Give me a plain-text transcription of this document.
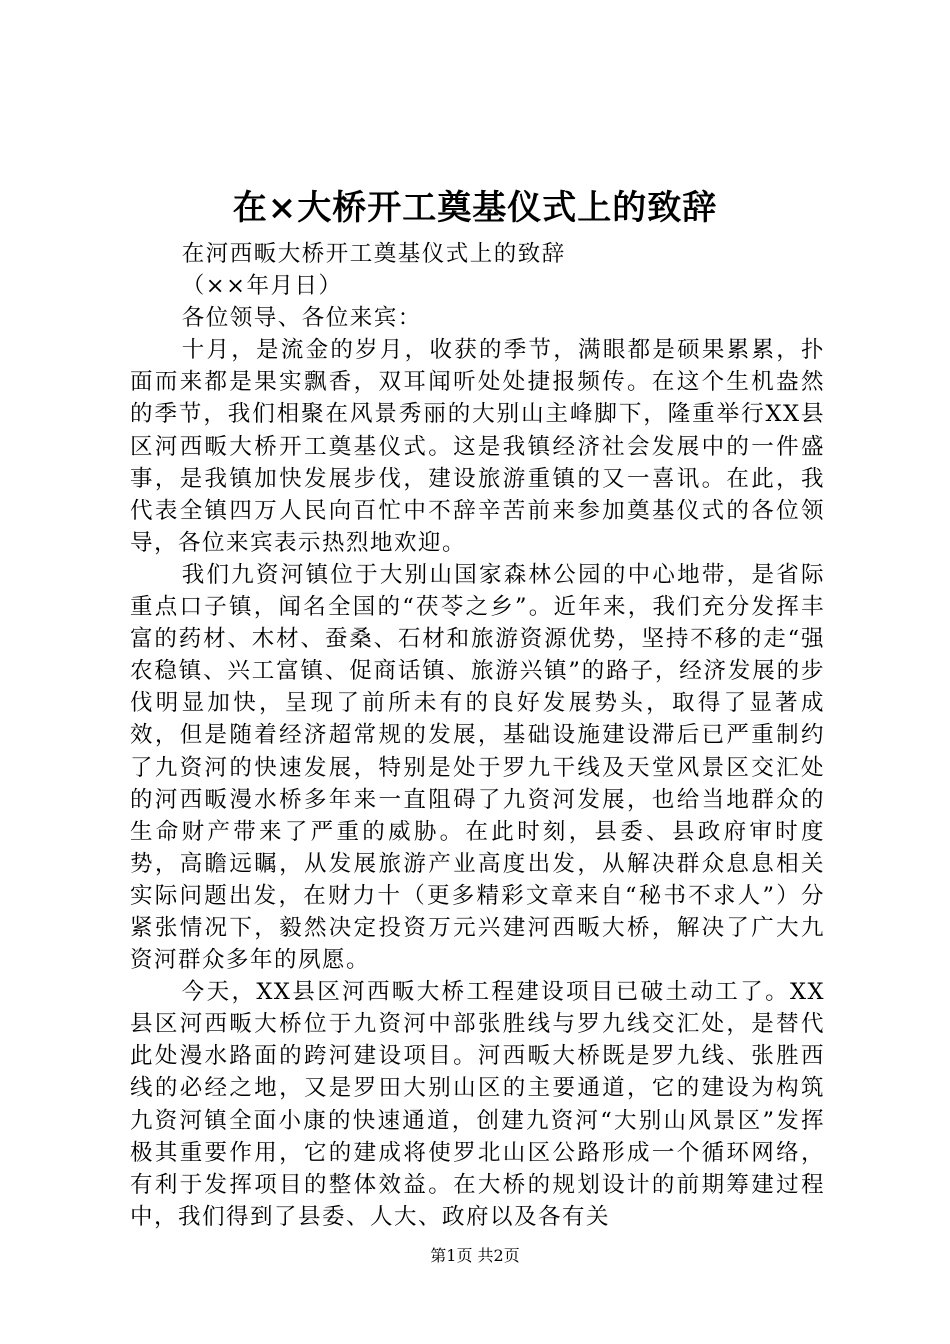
在×大桥开工奠基仪式上的致辞

在河西畈大桥开工奠基仪式上的致辞

（××年月日）

各位领导、各位来宾：

十月，是流金的岁月，收获的季节，满眼都是硕果累累，扑面而来都是果实飘香，双耳闻听处处捷报频传。在这个生机盎然的季节，我们相聚在风景秀丽的大别山主峰脚下，隆重举行XX县区河西畈大桥开工奠基仪式。这是我镇经济社会发展中的一件盛事，是我镇加快发展步伐，建设旅游重镇的又一喜讯。在此，我代表全镇四万人民向百忙中不辞辛苦前来参加奠基仪式的各位领导，各位来宾表示热烈地欢迎。

我们九资河镇位于大别山国家森林公园的中心地带，是省际重点口子镇，闻名全国的“茯苓之乡”。近年来，我们充分发挥丰富的药材、木材、蚕桑、石材和旅游资源优势，坚持不移的走“强农稳镇、兴工富镇、促商话镇、旅游兴镇”的路子，经济发展的步伐明显加快，呈现了前所未有的良好发展势头，取得了显著成效，但是随着经济超常规的发展，基础设施建设滞后已严重制约了九资河的快速发展，特别是处于罗九干线及天堂风景区交汇处的河西畈漫水桥多年来一直阻碍了九资河发展，也给当地群众的生命财产带来了严重的威胁。在此时刻，县委、县政府审时度势，高瞻远瞩，从发展旅游产业高度出发，从解决群众息息相关实际问题出发，在财力十（更多精彩文章来自“秘书不求人”）分紧张情况下，毅然决定投资万元兴建河西畈大桥，解决了广大九资河群众多年的夙愿。

今天，XX县区河西畈大桥工程建设项目已破土动工了。XX县区河西畈大桥位于九资河中部张胜线与罗九线交汇处，是替代此处漫水路面的跨河建设项目。河西畈大桥既是罗九线、张胜西线的必经之地，又是罗田大别山区的主要通道，它的建设为构筑九资河镇全面小康的快速通道，创建九资河“大别山风景区”发挥极其重要作用，它的建成将使罗北山区公路形成一个循环网络，有利于发挥项目的整体效益。在大桥的规划设计的前期筹建过程中，我们得到了县委、人大、政府以及各有关

第1页 共2页
